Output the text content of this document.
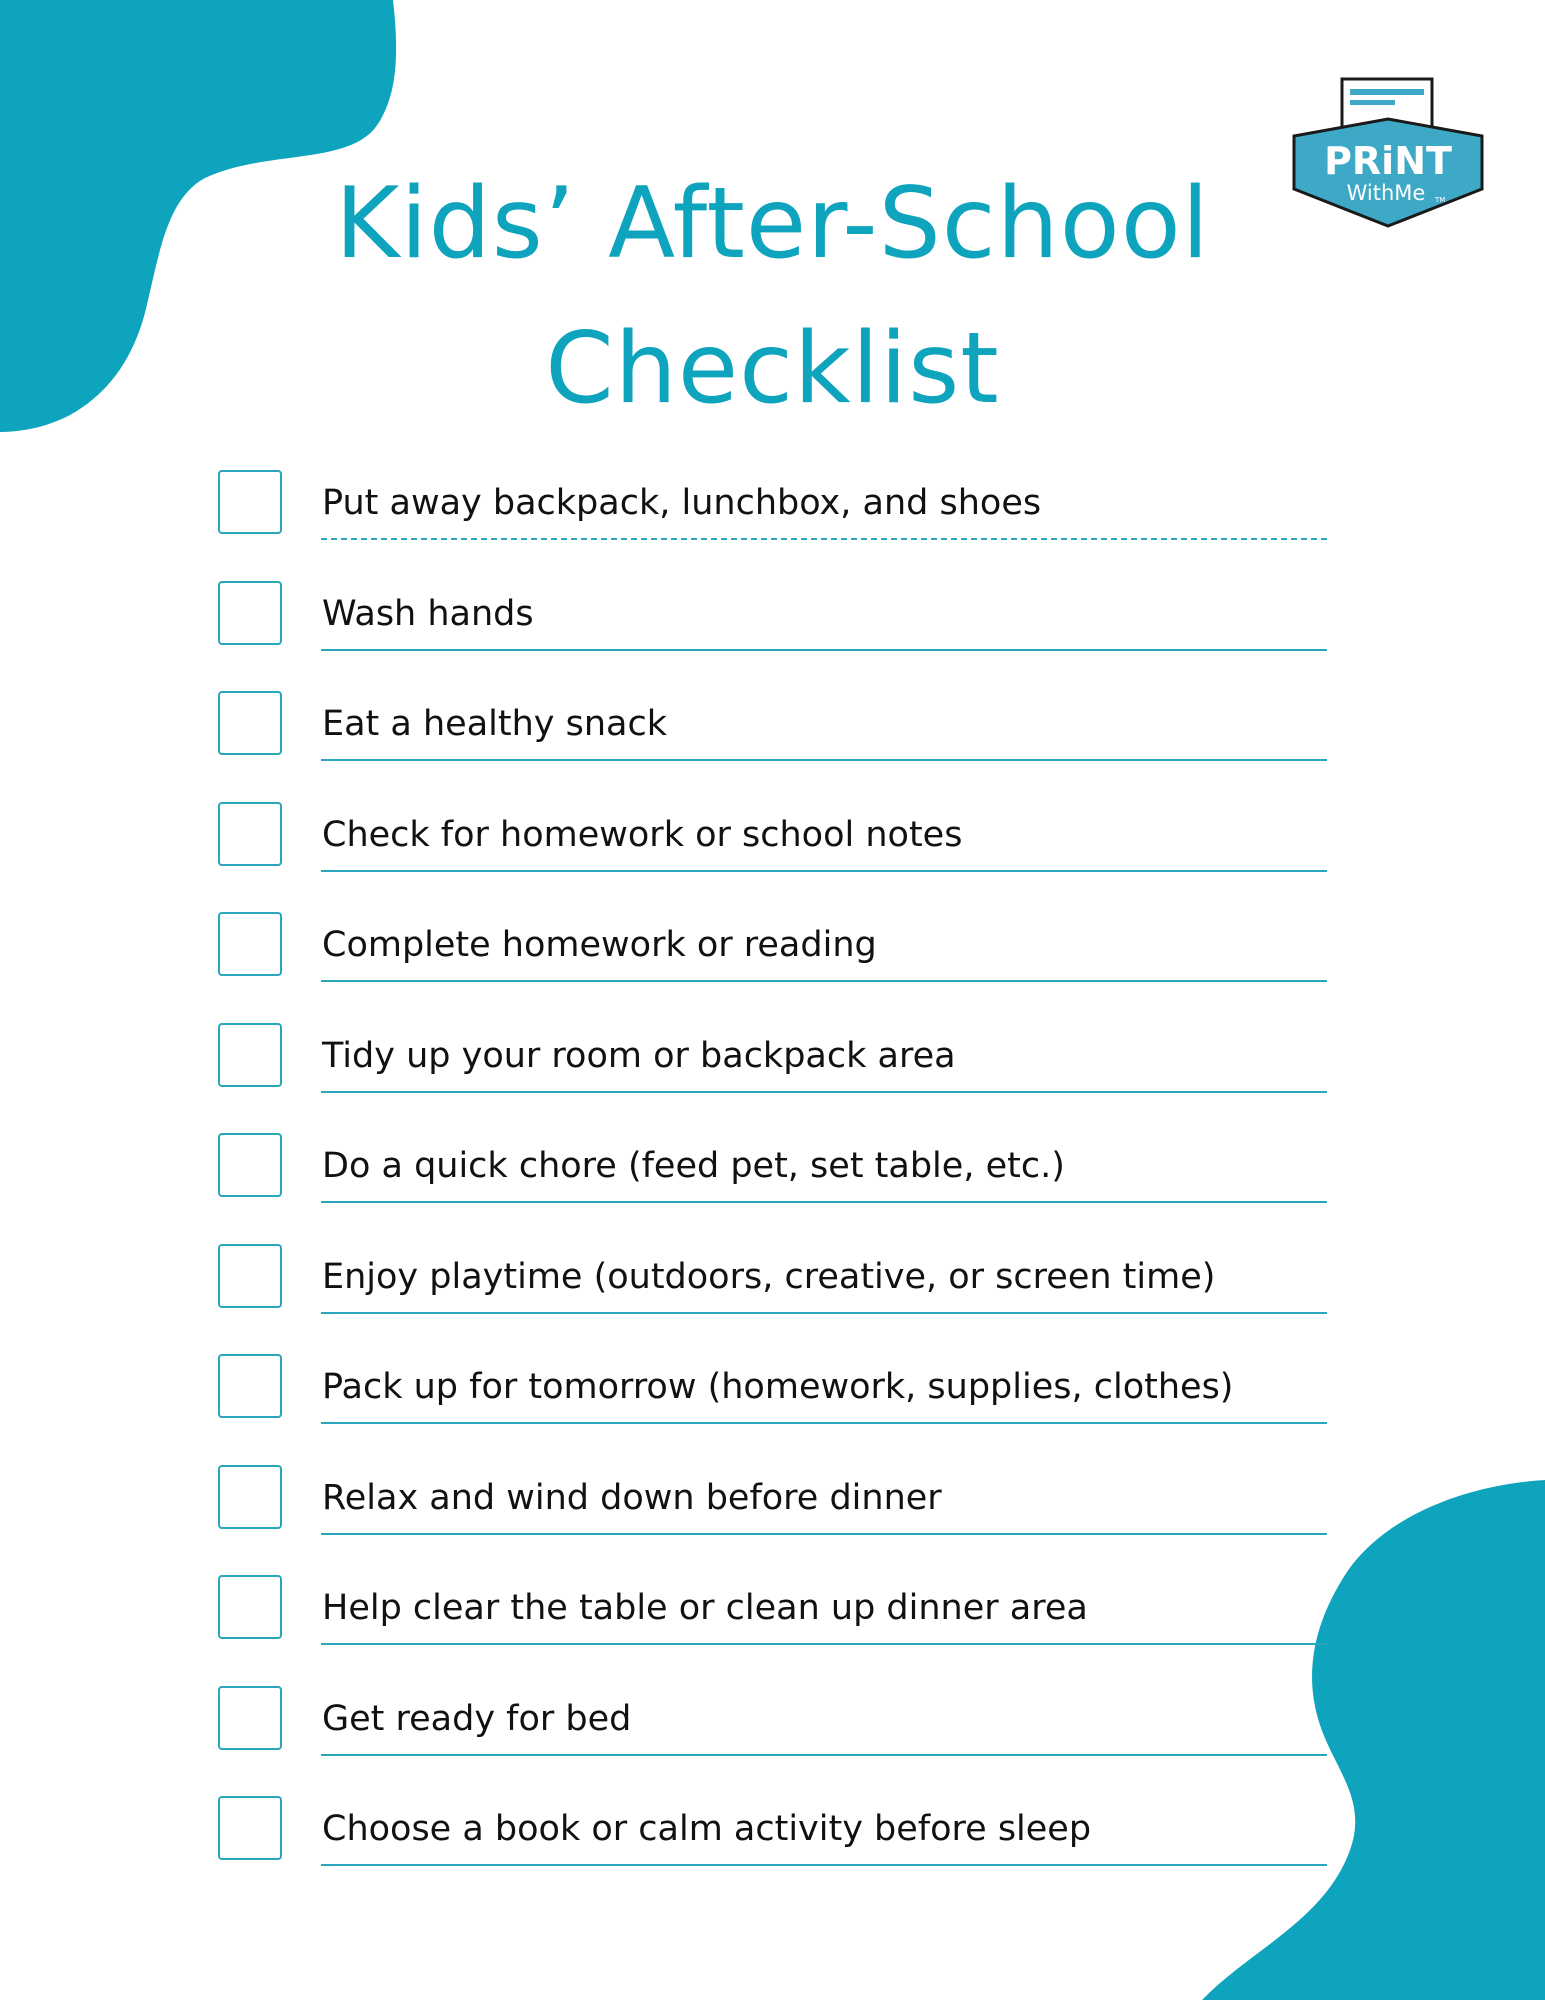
PRiNT
WithMe TM
Kids’ After-School
Checklist
Put away backpack, lunchbox, and shoes
Wash hands
Eat a healthy snack
Check for homework or school notes
Complete homework or reading
Tidy up your room or backpack area
Do a quick chore (feed pet, set table, etc.)
Enjoy playtime (outdoors, creative, or screen time)
Pack up for tomorrow (homework, supplies, clothes)
Relax and wind down before dinner
Help clear the table or clean up dinner area
Get ready for bed
Choose a book or calm activity before sleep
